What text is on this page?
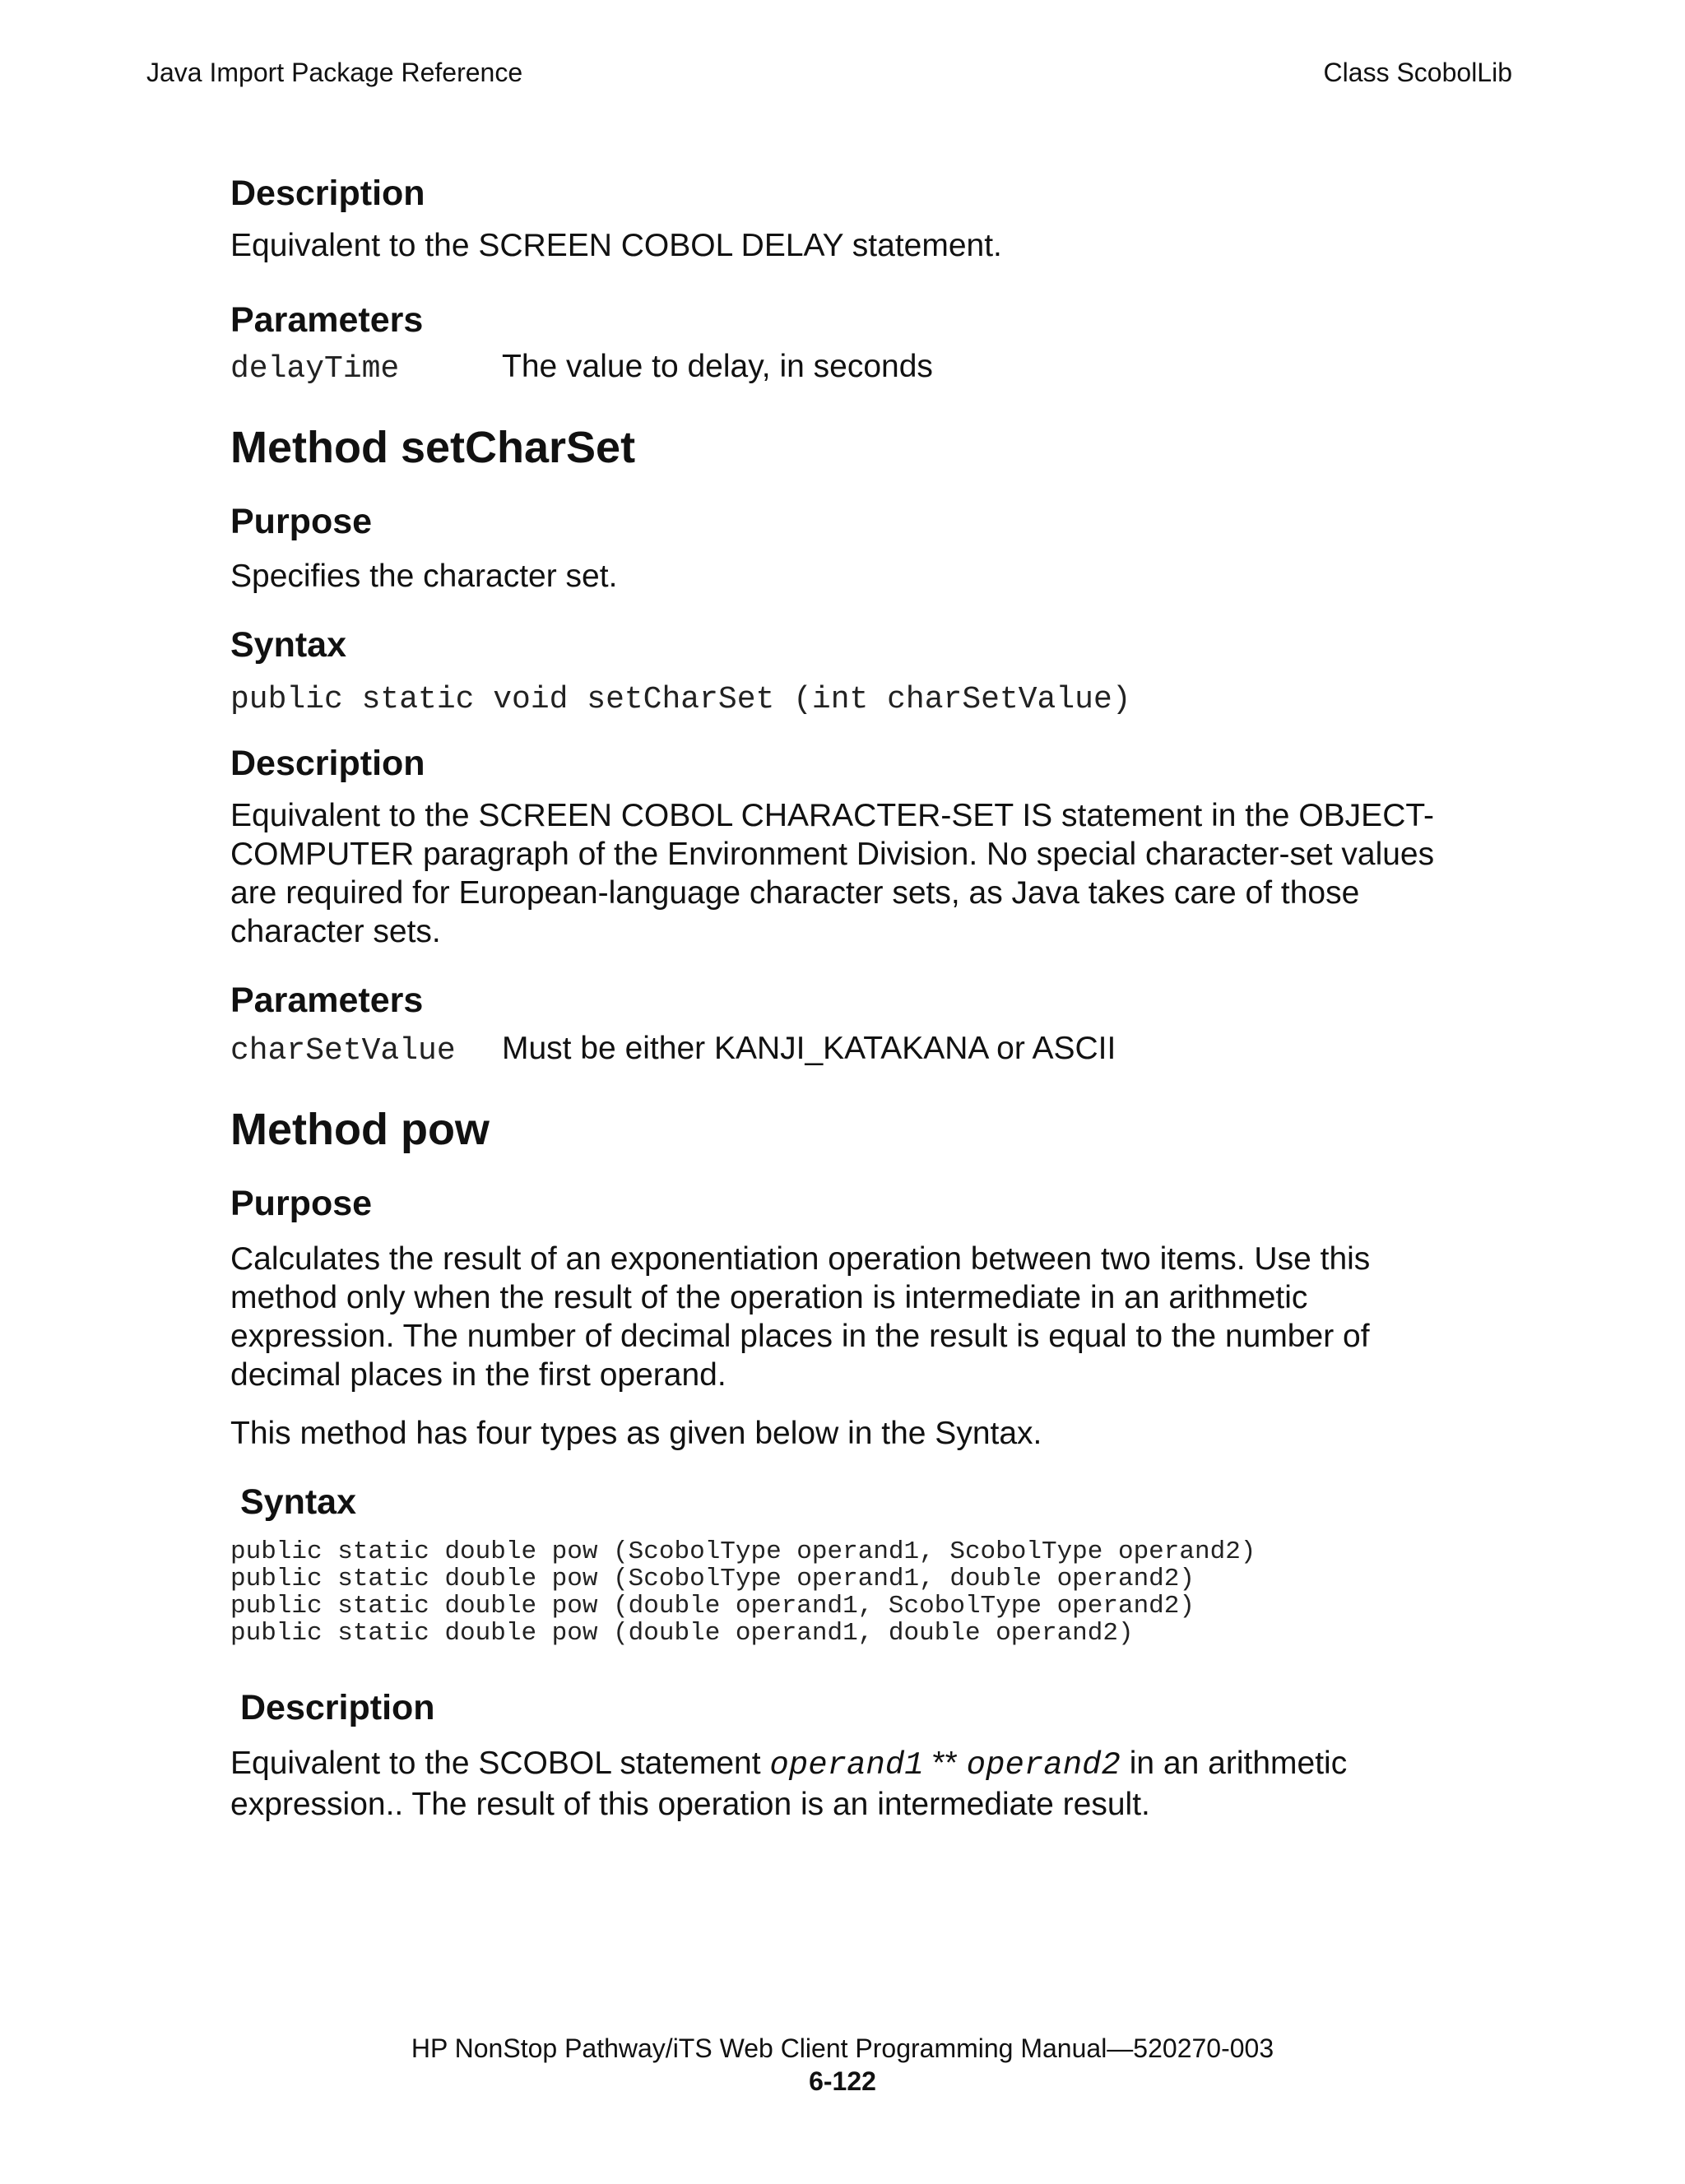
Java Import Package Reference	Class ScobolLib

Description

Equivalent to the SCREEN COBOL DELAY statement.

Parameters

delayTime	The value to delay, in seconds

Method setCharSet

Purpose

Specifies the character set.

Syntax

public static void setCharSet (int charSetValue)

Description

Equivalent to the SCREEN COBOL CHARACTER-SET IS statement in the OBJECT-

COMPUTER paragraph of the Environment Division. No special character-set values

are required for European-language character sets, as Java takes care of those

character sets.

Parameters

charSetValue	Must be either KANJI_KATAKANA or ASCII

Method pow

Purpose

Calculates the result of an exponentiation operation between two items. Use this

method only when the result of the operation is intermediate in an arithmetic

expression. The number of decimal places in the result is equal to the number of

decimal places in the first operand.

This method has four types as given below in the Syntax.

Syntax

public static double pow (ScobolType operand1, ScobolType operand2)

public static double pow (ScobolType operand1, double operand2)

public static double pow (double operand1, ScobolType operand2)

public static double pow (double operand1, double operand2)

Description

Equivalent to the SCOBOL statement operand1 ** operand2 in an arithmetic

expression.. The result of this operation is an intermediate result.

HP NonStop Pathway/iTS Web Client Programming Manual—520270-003
6-122
